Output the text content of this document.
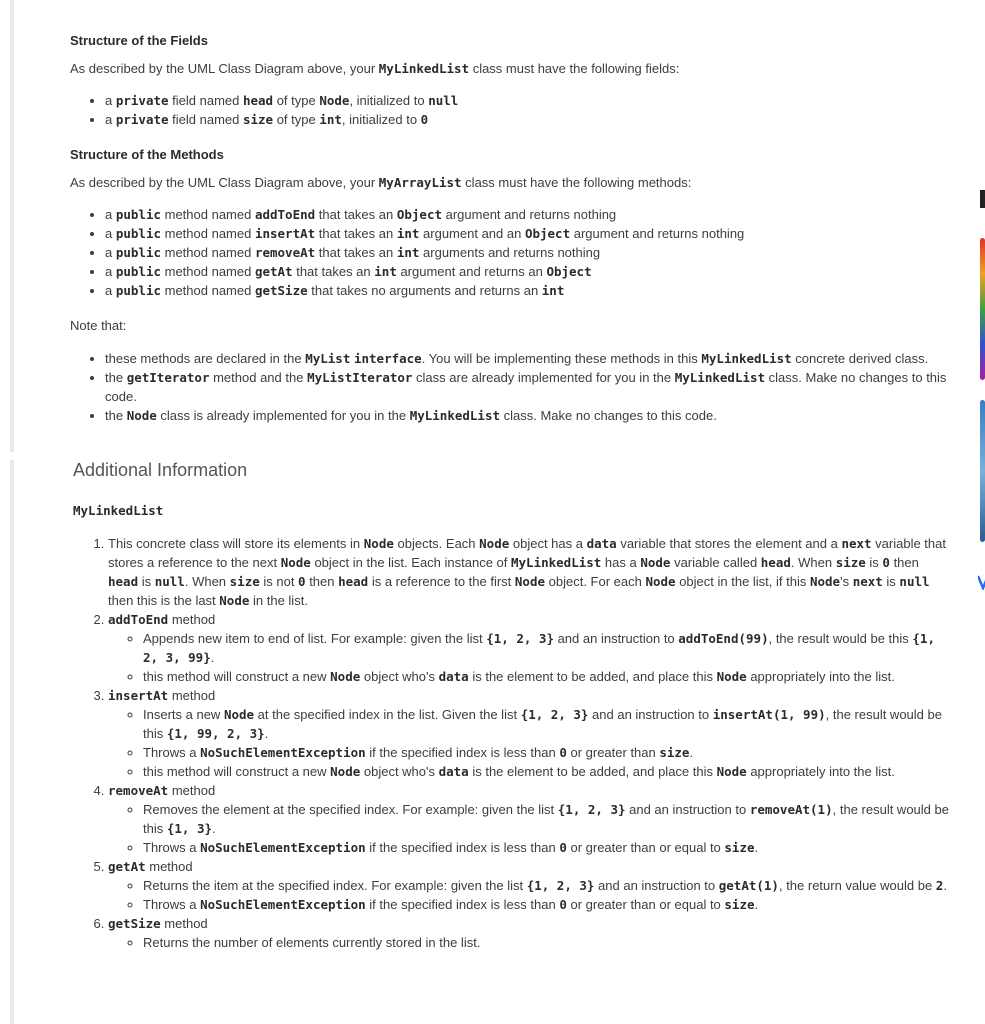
Structure of the Fields
As described by the UML Class Diagram above, your MyLinkedList class must have the following fields:
• a private field named head of type Node, initialized to null
• a private field named size of type int, initialized to 0
Structure of the Methods
As described by the UML Class Diagram above, your MyArrayList class must have the following methods:
• a public method named addToEnd that takes an Object argument and returns nothing
• a public method named insertAt that takes an int argument and an Object argument and returns nothing
• a public method named removeAt that takes an int arguments and returns nothing
• a public method named getAt that takes an int argument and returns an Object
• a public method named getSize that takes no arguments and returns an int
Note that:
• these methods are declared in the MyList interface. You will be implementing these methods in this MyLinkedList concrete derived class.
• the getIterator method and the MyListIterator class are already implemented for you in the MyLinkedList class. Make no changes to this code.
• the Node class is already implemented for you in the MyLinkedList class. Make no changes to this code.
Additional Information
MyLinkedList
1. This concrete class will store its elements in Node objects. Each Node object has a data variable that stores the element and a next variable that stores a reference to the next Node object in the list. Each instance of MyLinkedList has a Node variable called head. When size is 0 then head is null. When size is not 0 then head is a reference to the first Node object. For each Node object in the list, if this Node's next is null then this is the last Node in the list.
2. addToEnd method
◦ Appends new item to end of list. For example: given the list {1, 2, 3} and an instruction to addToEnd(99), the result would be this {1, 2, 3, 99}.
◦ this method will construct a new Node object who's data is the element to be added, and place this Node appropriately into the list.
3. insertAt method
◦ Inserts a new Node at the specified index in the list. Given the list {1, 2, 3} and an instruction to insertAt(1, 99), the result would be this {1, 99, 2, 3}.
◦ Throws a NoSuchElementException if the specified index is less than 0 or greater than size.
◦ this method will construct a new Node object who's data is the element to be added, and place this Node appropriately into the list.
4. removeAt method
◦ Removes the element at the specified index. For example: given the list {1, 2, 3} and an instruction to removeAt(1), the result would be this {1, 3}.
◦ Throws a NoSuchElementException if the specified index is less than 0 or greater than or equal to size.
5. getAt method
◦ Returns the item at the specified index. For example: given the list {1, 2, 3} and an instruction to getAt(1), the return value would be 2.
◦ Throws a NoSuchElementException if the specified index is less than 0 or greater than or equal to size.
6. getSize method
◦ Returns the number of elements currently stored in the list.
